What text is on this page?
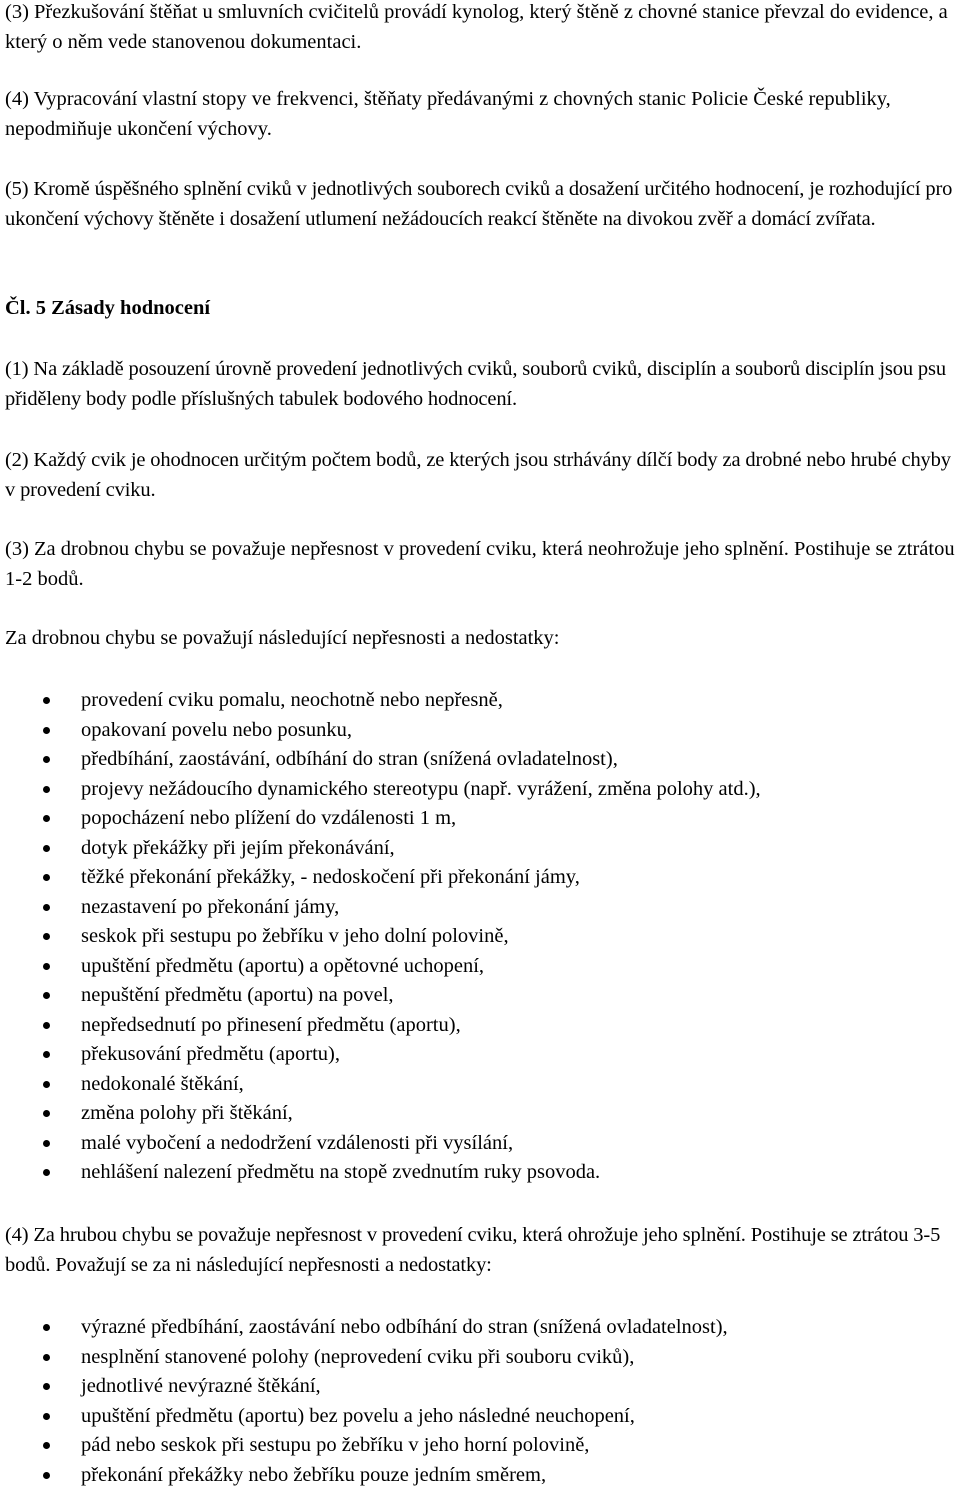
(3) Přezkušování štěňat u smluvních cvičitelů provádí kynolog, který štěně z chovné stanice převzal do evidence, a který o něm vede stanovenou dokumentaci.

(4) Vypracování vlastní stopy ve frekvenci, štěňaty předávanými z chovných stanic Policie České republiky, nepodmiňuje ukončení výchovy.

(5) Kromě úspěšného splnění cviků v jednotlivých souborech cviků a dosažení určitého hodnocení, je rozhodující pro ukončení výchovy štěněte i dosažení utlumení nežádoucích reakcí štěněte na divokou zvěř a domácí zvířata.

Čl. 5 Zásady hodnocení

(1) Na základě posouzení úrovně provedení jednotlivých cviků, souborů cviků, disciplín a souborů disciplín jsou psu přiděleny body podle příslušných tabulek bodového hodnocení.

(2) Každý cvik je ohodnocen určitým počtem bodů, ze kterých jsou strhávány dílčí body za drobné nebo hrubé chyby v provedení cviku.

(3) Za drobnou chybu se považuje nepřesnost v provedení cviku, která neohrožuje jeho splnění. Postihuje se ztrátou 1-2 bodů.

Za drobnou chybu se považují následující nepřesnosti a nedostatky:

provedení cviku pomalu, neochotně nebo nepřesně,
opakovaní povelu nebo posunku,
předbíhání, zaostávání, odbíhání do stran (snížená ovladatelnost),
projevy nežádoucího dynamického stereotypu (např. vyrážení, změna polohy atd.),
popocházení nebo plížení do vzdálenosti 1 m,
dotyk překážky při jejím překonávání,
těžké překonání překážky, - nedoskočení při překonání jámy,
nezastavení po překonání jámy,
seskok při sestupu po žebříku v jeho dolní polovině,
upuštění předmětu (aportu) a opětovné uchopení,
nepuštění předmětu (aportu) na povel,
nepředsednutí po přinesení předmětu (aportu),
překusování předmětu (aportu),
nedokonalé štěkání,
změna polohy při štěkání,
malé vybočení a nedodržení vzdálenosti při vysílání,
nehlášení nalezení předmětu na stopě zvednutím ruky psovoda.

(4) Za hrubou chybu se považuje nepřesnost v provedení cviku, která ohrožuje jeho splnění. Postihuje se ztrátou 3-5 bodů. Považují se za ni následující nepřesnosti a nedostatky:

výrazné předbíhání, zaostávání nebo odbíhání do stran (snížená ovladatelnost),
nesplnění stanovené polohy (neprovedení cviku při souboru cviků),
jednotlivé nevýrazné štěkání,
upuštění předmětu (aportu) bez povelu a jeho následné neuchopení,
pád nebo seskok při sestupu po žebříku v jeho horní polovině,
překonání překážky nebo žebříku pouze jedním směrem,
